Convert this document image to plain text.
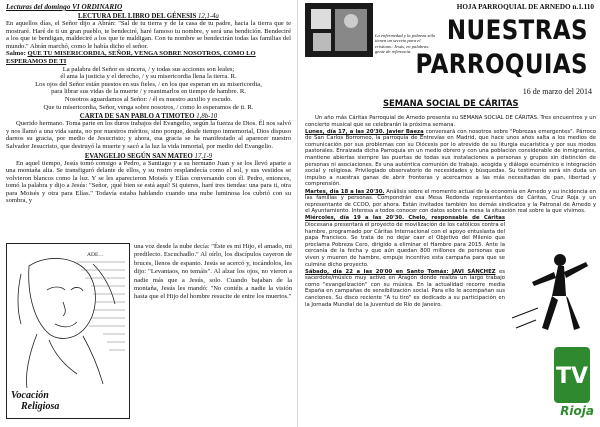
Lecturas del domingo VI ORDINARIO
LECTURA DEL LIBRO DEL GÉNESIS 12,1-4a

En aquellos días, el Señor dijo a Abrán: "Sal de tu tierra y de la casa de tu padre, hacia la tierra que te mostraré. Haré de ti un gran pueblo, te bendeciré, haré famoso tu nombre, y será una bendición. Bendeciré a los que te bendigan, maldeciré a los que te maldigan. Con tu nombre se bendecirán todas las familias del mundo." Abrán marchó, como le había dicho el señor.

Salmo: QUE TU MISERICORDIA, SEÑOR, VENGA SOBRE NOSOTROS, COMO LO ESPERAMOS DE TI

La palabra del Señor es sincera, / y todas sus acciones son leales;

él ama la justicia y el derecho, / y su misericordia llena la tierra. R.

Los ojos del Señor están puestos en sus fieles, / en los que esperan en su misericordia,

para librar sus vidas de la muerte / y reanimarlos en tiempo de hambre. R.

Nosotros aguardamos al Señor: / él es nuestro auxilio y escudo.

Que tu misericordia, Señor, venga sobre nosotros, / como lo esperamos de ti. R.

CARTA DE SAN PABLO A TIMOTEO 1,8b-10

Querido hermano. Toma parte en los duros trabajos del Evangelio, según la fuerza de Dios. Él nos salvó y nos llamó a una vida santa, no por nuestros méritos, sino porque, desde tiempo inmemorial, Dios dispuso darnos su gracia, por medio de Jesucristo; y ahora, esa gracia se ha manifestado al aparecer nuestro Salvador Jesucristo, que destruyó la muerte y sacó a la luz la vida inmortal, por medio del Evangelio.

EVANGELIO SEGÚN SAN MATEO 17,1-9

En aquel tiempo, Jesús tomó consigo a Pedro, a Santiago y a su hermano Juan y se los llevó aparte a una montaña alta. Se transfiguró delante de ellos, y su rostro resplandecía como el sol, y sus vestidos se volvieron blancos como la luz. Y se les aparecieron Moisés y Elías conversando con él. Pedro, entonces, tomó la palabra y dijo a Jesús: "Señor, ¡qué bien se está aquí! Si quieres, haré tres tiendas: una para ti, otra para Moisés y otra para Elías." Todavía estaba hablando cuando una nube luminosa los cubrió con su sombra, y

ADE…
Vocación
Religiosa

una voz desde la nube decía: "Éste es mi Hijo, el amado, mi predilecto. Escuchadlo." Al oírlo, los discípulos cayeron de bruces, llenos de espanto. Jesús se acercó y, tocándolos, les dijo: "Levantaos, no temáis". Al alzar los ojos, no vieron a nadie más que a Jesús, solo. Cuando bajaban de la montaña, Jesús les mandó: "No contéis a nadie la visión hasta que el Hijo del hombre resucite de entre los muertos."

La enfermedad y la pobreza sólo tienen un secreto para el cristiano: Jesús, en palabras: gente de referencia.
HOJA PARROQUIAL DE ARNEDO n.1.110
NUESTRAS
PARROQUIAS
16 de marzo del 2014
SEMANA SOCIAL DE CÁRITAS

Un año más Cáritas Parroquial de Arnedo presenta su SEMANA SOCIAL DE CÁRITAS. Tres encuentros y un concierto musical que se celebrarán la próxima semana.

Lunes, día 17, a las 20'30. Javier Baeza conversará con nosotros sobre "Pobrezas emergentes". Párroco de San Carlos Borromeo, la parroquia de Entrevías en Madrid, que hace unos años salta a los medios de comunicación por sus problemas con su Diócesis por lo atrevido de su liturgia eucarística y por sus modos pastorales. Enraizada dicha Parroquia en un medio obrero y con una población considerable de inmigrantes, mantiene abiertas siempre las puertas de todas sus instalaciones a personas y grupos sin distinción de personas ni asociaciones. Es una auténtica comunión de trabajo, acogida y diálogo ecuménico e integración social y religiosa. Privilegiado observatorio de necesidades y búsquedas. Su testimonio será sin duda un impulso a nuestras ganas de abrir fronteras y acercarnos a las más necesitadas de pan, libertad y comprensión.

Martes, día 18 a las 20'30. Análisis sobre el momento actual de la economía en Arnedo y su incidencia en las familias y personas. Compondrán esa Mesa Redonda representantes de Cáritas, Cruz Roja y un representante de CCOO, por ahora. Están invitados también los demás sindicatos y la Patronal de Arnedo y el Ayuntamiento. Interesa a todos conocer con datos sobre la mesa la situación real sobre la que vivimos.

Miércoles, día 19 a las 20'30. Chelo, responsable de Cáritas Diocesana presentará el proyecto de movilización de los católicos contra el hambre, programado por Cáritas Internacional con el apoyo entusiasta del papa Francisco. Se trata de no dejar caer el Objetivo del Milenio que proclama Pobreza Cero, dirigido a eliminar el Hambre para 2015. Ante la cercanía de la fecha y que aún quedan 800 millones de personas que viven y mueren de hambre, empuje incentivo esta campaña para que se culmine dicho proyecto.

Sábado, día 22 a las 20'00 en Santo Tomás: JAVI SÁNCHEZ es sacerdote/músico muy activo en Aragón donde realiza un largo trabajo como "evangelización" con su música. En la actualidad recorre media España en campañas de sensibilización social. Para ello le acompañan sus canciones. Su disco reciente "A tu tiro" es dedicado a su participación en la Jornada Mundial de la Juventud de Río de Janeiro.

TV
Rioja
